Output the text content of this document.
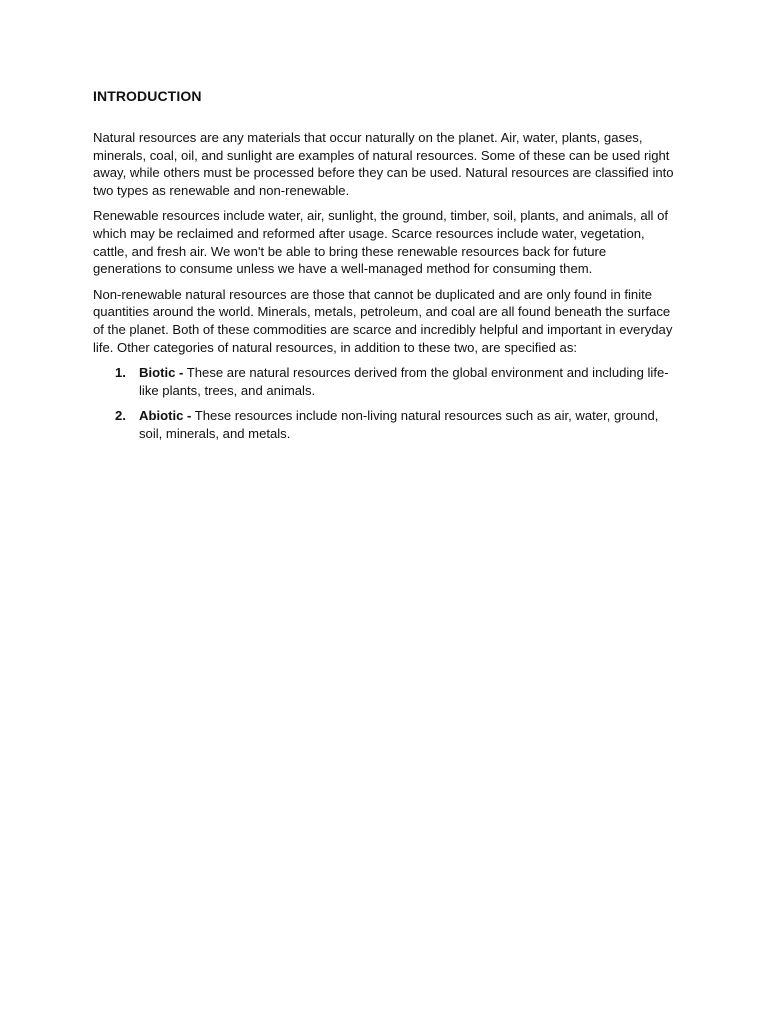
INTRODUCTION

Natural resources are any materials that occur naturally on the planet. Air, water, plants, gases, minerals, coal, oil, and sunlight are examples of natural resources. Some of these can be used right away, while others must be processed before they can be used. Natural resources are classified into two types as renewable and non-renewable.

Renewable resources include water, air, sunlight, the ground, timber, soil, plants, and animals, all of which may be reclaimed and reformed after usage. Scarce resources include water, vegetation, cattle, and fresh air. We won't be able to bring these renewable resources back for future generations to consume unless we have a well-managed method for consuming them.

Non-renewable natural resources are those that cannot be duplicated and are only found in finite quantities around the world. Minerals, metals, petroleum, and coal are all found beneath the surface of the planet. Both of these commodities are scarce and incredibly helpful and important in everyday life. Other categories of natural resources, in addition to these two, are specified as:

1. Biotic - These are natural resources derived from the global environment and including life-like plants, trees, and animals.
2. Abiotic - These resources include non-living natural resources such as air, water, ground, soil, minerals, and metals.
